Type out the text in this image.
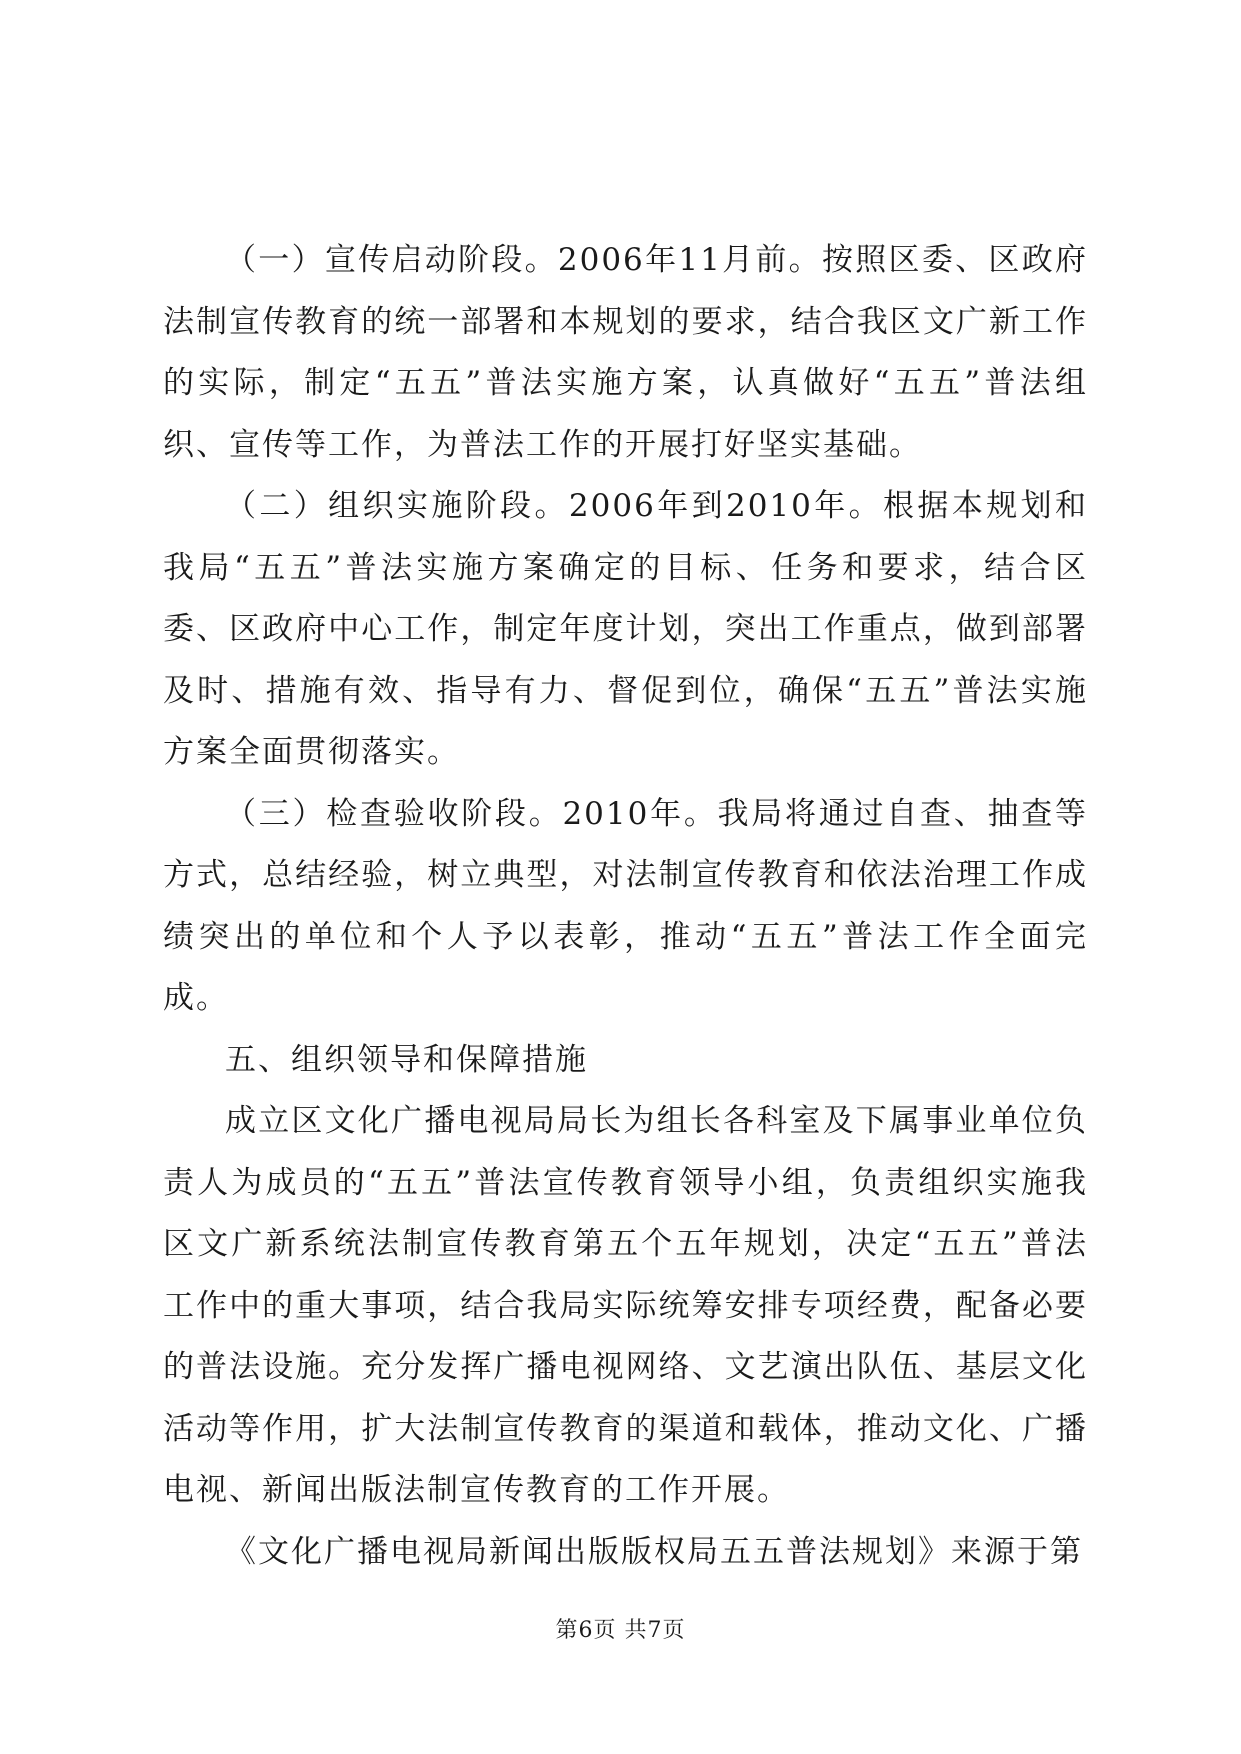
（一）宣传启动阶段。2006年11月前。按照区委、区政府法制宣传教育的统一部署和本规划的要求，结合我区文广新工作的实际，制定“五五”普法实施方案，认真做好“五五”普法组织、宣传等工作，为普法工作的开展打好坚实基础。

（二）组织实施阶段。2006年到2010年。根据本规划和我局“五五”普法实施方案确定的目标、任务和要求，结合区委、区政府中心工作，制定年度计划，突出工作重点，做到部署及时、措施有效、指导有力、督促到位，确保“五五”普法实施方案全面贯彻落实。

（三）检查验收阶段。2010年。我局将通过自查、抽查等方式，总结经验，树立典型，对法制宣传教育和依法治理工作成绩突出的单位和个人予以表彰，推动“五五”普法工作全面完成。

五、组织领导和保障措施

成立区文化广播电视局局长为组长各科室及下属事业单位负责人为成员的“五五”普法宣传教育领导小组，负责组织实施我区文广新系统法制宣传教育第五个五年规划，决定“五五”普法工作中的重大事项，结合我局实际统筹安排专项经费，配备必要的普法设施。充分发挥广播电视网络、文艺演出队伍、基层文化活动等作用，扩大法制宣传教育的渠道和载体，推动文化、广播电视、新闻出版法制宣传教育的工作开展。

《文化广播电视局新闻出版版权局五五普法规划》来源于第

第6页 共7页
